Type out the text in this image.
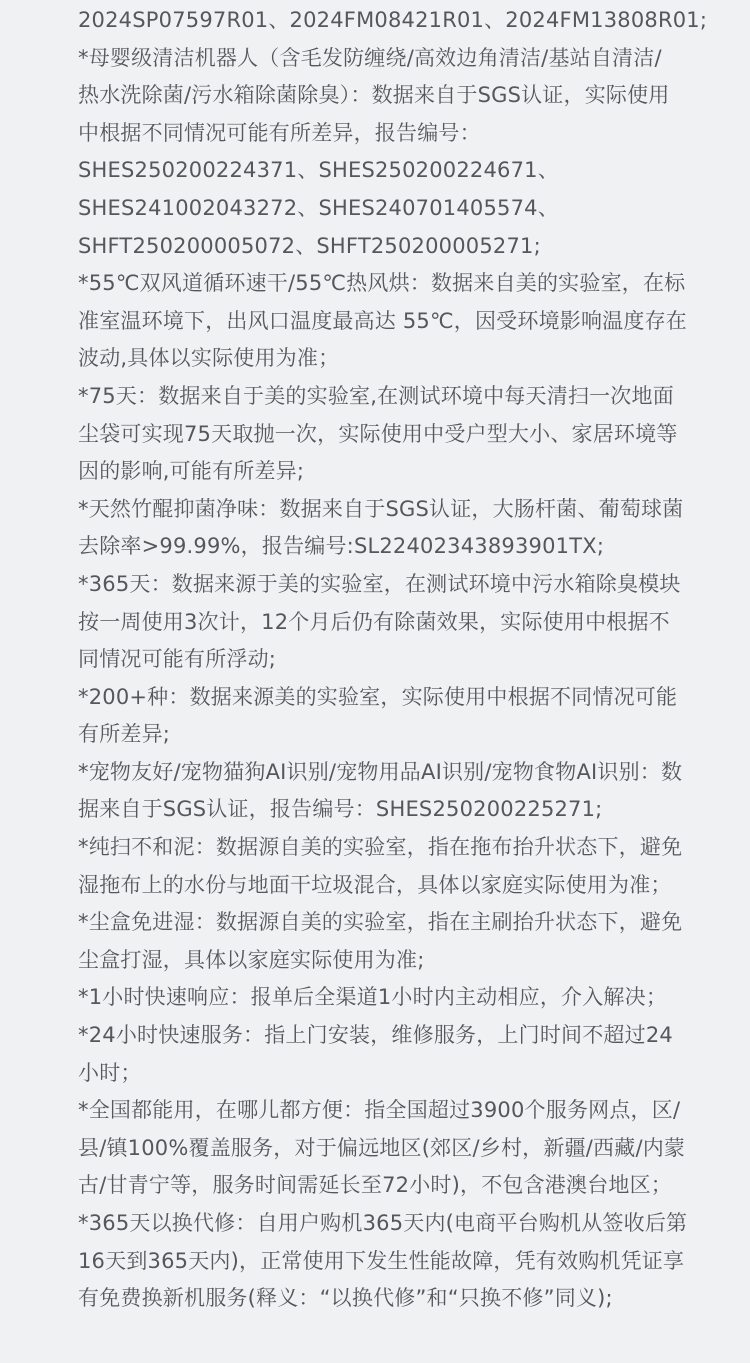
2024SP07597R01、2024FM08421R01、2024FM13808R01;
*母婴级清洁机器人（含毛发防缠绕/高效边角清洁/基站自清洁/
热水洗除菌/污水箱除菌除臭）：数据来自于SGS认证，实际使用
中根据不同情况可能有所差异，报告编号：
SHES250200224371、SHES250200224671、
SHES241002043272、SHES240701405574、
SHFT250200005072、SHFT250200005271;
*55℃双风道循环速干/55℃热风烘：数据来自美的实验室，在标
准室温环境下，出风口温度最高达 55℃，因受环境影响温度存在
波动,具体以实际使用为准；
*75天：数据来自于美的实验室,在测试环境中每天清扫一次地面
尘袋可实现75天取抛一次，实际使用中受户型大小、家居环境等
因的影响,可能有所差异;
*天然竹醌抑菌净味：数据来自于SGS认证，大肠杆菌、葡萄球菌
去除率>99.99%，报告编号:SL22402343893901TX;
*365天：数据来源于美的实验室，在测试环境中污水箱除臭模块
按一周使用3次计，12个月后仍有除菌效果，实际使用中根据不
同情况可能有所浮动;
*200+种：数据来源美的实验室，实际使用中根据不同情况可能
有所差异;
*宠物友好/宠物猫狗AI识别/宠物用品AI识别/宠物食物AI识别：数
据来自于SGS认证，报告编号：SHES250200225271;
*纯扫不和泥：数据源自美的实验室，指在拖布抬升状态下，避免
湿拖布上的水份与地面干垃圾混合，具体以家庭实际使用为准；
*尘盒免进湿：数据源自美的实验室，指在主刷抬升状态下，避免
尘盒打湿，具体以家庭实际使用为准;
*1小时快速响应：报单后全渠道1小时内主动相应，介入解决；
*24小时快速服务：指上门安装，维修服务，上门时间不超过24
小时；
*全国都能用，在哪儿都方便：指全国超过3900个服务网点，区/
县/镇100%覆盖服务，对于偏远地区(郊区/乡村，新疆/西藏/内蒙
古/甘青宁等，服务时间需延长至72小时)，不包含港澳台地区；
*365天以换代修：自用户购机365天内(电商平台购机从签收后第
16天到365天内)，正常使用下发生性能故障，凭有效购机凭证享
有免费换新机服务(释义：“以换代修”和“只换不修”同义);
